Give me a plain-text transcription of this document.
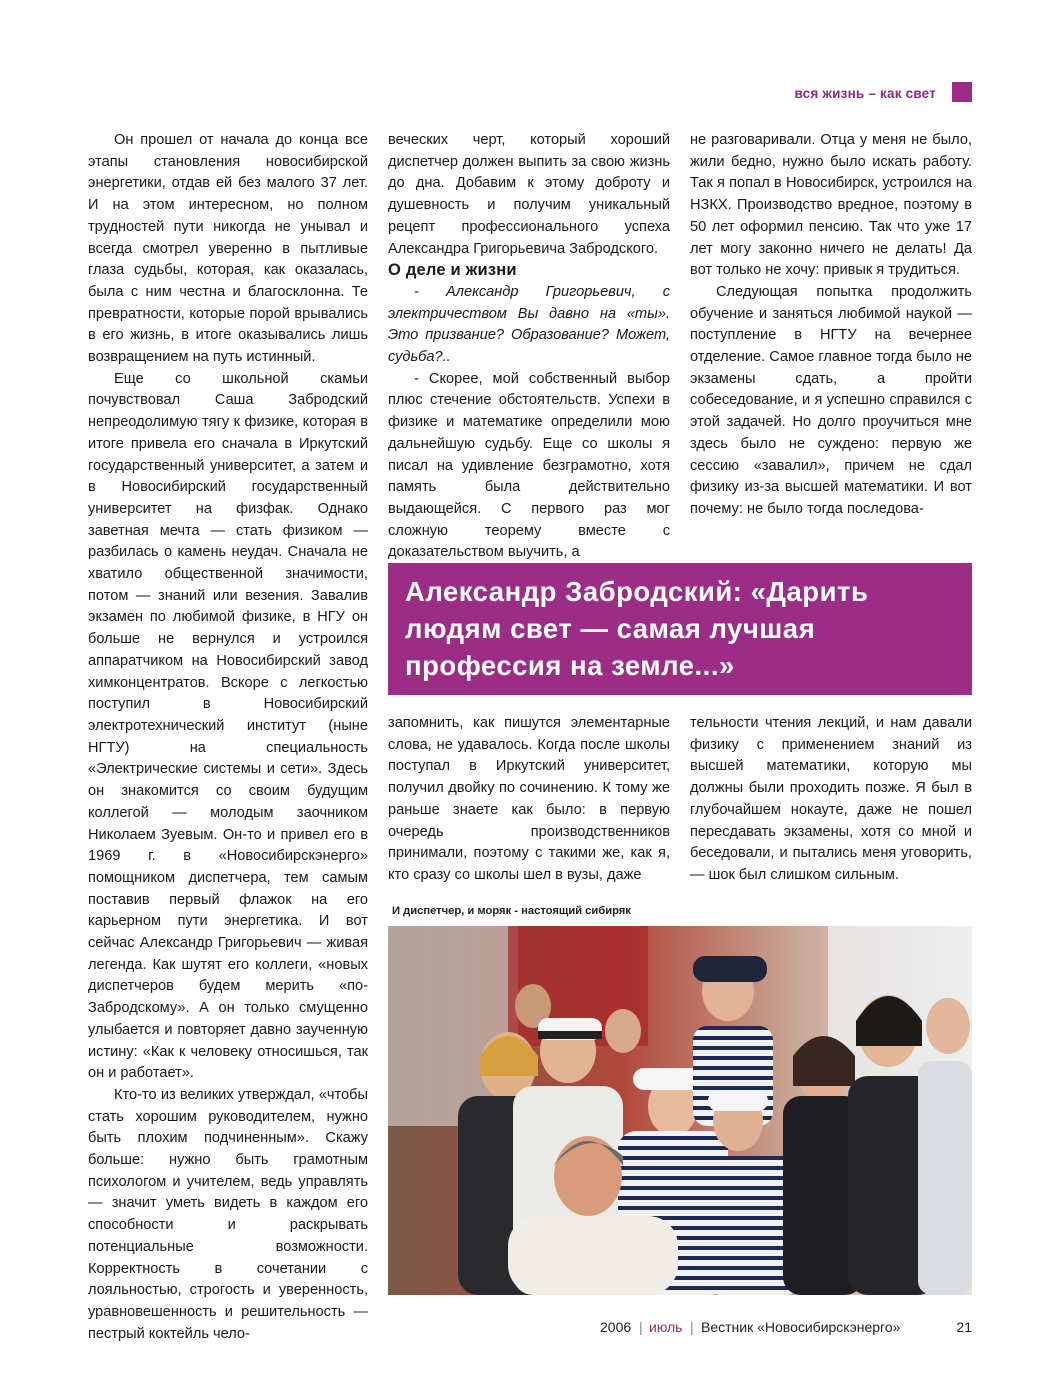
вся жизнь – как свет

Он прошел от начала до конца все этапы становления новосибирской энергетики, отдав ей без малого 37 лет. И на этом интересном, но полном трудностей пути никогда не унывал и всегда смотрел уверенно в пытливые глаза судьбы, которая, как оказалась, была с ним честна и благосклонна. Те превратности, которые порой врывались в его жизнь, в итоге оказывались лишь возвращением на путь истинный.

Еще со школьной скамьи почувствовал Саша Забродский непреодолимую тягу к физике, которая в итоге привела его сначала в Иркутский государственный университет, а затем и в Новосибирский государственный университет на физфак. Однако заветная мечта — стать физиком — разбилась о камень неудач. Сначала не хватило общественной значимости, потом — знаний или везения. Завалив экзамен по любимой физике, в НГУ он больше не вернулся и устроился аппаратчиком на Новосибирский завод химконцентратов. Вскоре с легкостью поступил в Новосибирский электротехнический институт (ныне НГТУ) на специальность «Электрические системы и сети». Здесь он знакомится со своим будущим коллегой — молодым заочником Николаем Зуевым. Он-то и привел его в 1969 г. в «Новосибирскэнерго» помощником диспетчера, тем самым поставив первый флажок на его карьерном пути энергетика. И вот сейчас Александр Григорьевич — живая легенда. Как шутят его коллеги, «новых диспетчеров будем мерить «по-Забродскому». А он только смущенно улыбается и повторяет давно заученную истину: «Как к человеку относишься, так он и работает».

Кто-то из великих утверждал, «чтобы стать хорошим руководителем, нужно быть плохим подчиненным». Скажу больше: нужно быть грамотным психологом и учителем, ведь управлять — значит уметь видеть в каждом его способности и раскрывать потенциальные возможности. Корректность в сочетании с лояльностью, строгость и уверенность, уравновешенность и решительность — пестрый коктейль чело-

веческих черт, который хороший диспетчер должен выпить за свою жизнь до дна. Добавим к этому доброту и душевность и получим уникальный рецепт профессионального успеха Александра Григорьевича Забродского.

О деле и жизни

- Александр Григорьевич, с электричеством Вы давно на «ты». Это призвание? Образование? Может, судьба?..

- Скорее, мой собственный выбор плюс стечение обстоятельств. Успехи в физике и математике определили мою дальнейшую судьбу. Еще со школы я писал на удивление безграмотно, хотя память была действительно выдающейся. С первого раз мог сложную теорему вместе с доказательством выучить, а

не разговаривали. Отца у меня не было, жили бедно, нужно было искать работу. Так я попал в Новосибирск, устроился на НЗКХ. Производство вредное, поэтому в 50 лет оформил пенсию. Так что уже 17 лет могу законно ничего не делать! Да вот только не хочу: привык я трудиться.

Следующая попытка продолжить обучение и заняться любимой наукой — поступление в НГТУ на вечернее отделение. Самое главное тогда было не экзамены сдать, а пройти собеседование, и я успешно справился с этой задачей. Но долго проучиться мне здесь было не суждено: первую же сессию «завалил», причем не сдал физику из-за высшей математики. И вот почему: не было тогда последова-

Александр Забродский: «Дарить людям свет — самая лучшая профессия на земле...»

запомнить, как пишутся элементарные слова, не удавалось. Когда после школы поступал в Иркутский университет, получил двойку по сочинению. К тому же раньше знаете как было: в первую очередь производственников принимали, поэтому с такими же, как я, кто сразу со школы шел в вузы, даже

тельности чтения лекций, и нам давали физику с применением знаний из высшей математики, которую мы должны были проходить позже. Я был в глубочайшем нокауте, даже не пошел пересдавать экзамены, хотя со мной и беседовали, и пытались меня уговорить, — шок был слишком сильным.

И диспетчер, и моряк - настоящий сибиряк
2006 | июль | Вестник «Новосибирскэнерго»	21
